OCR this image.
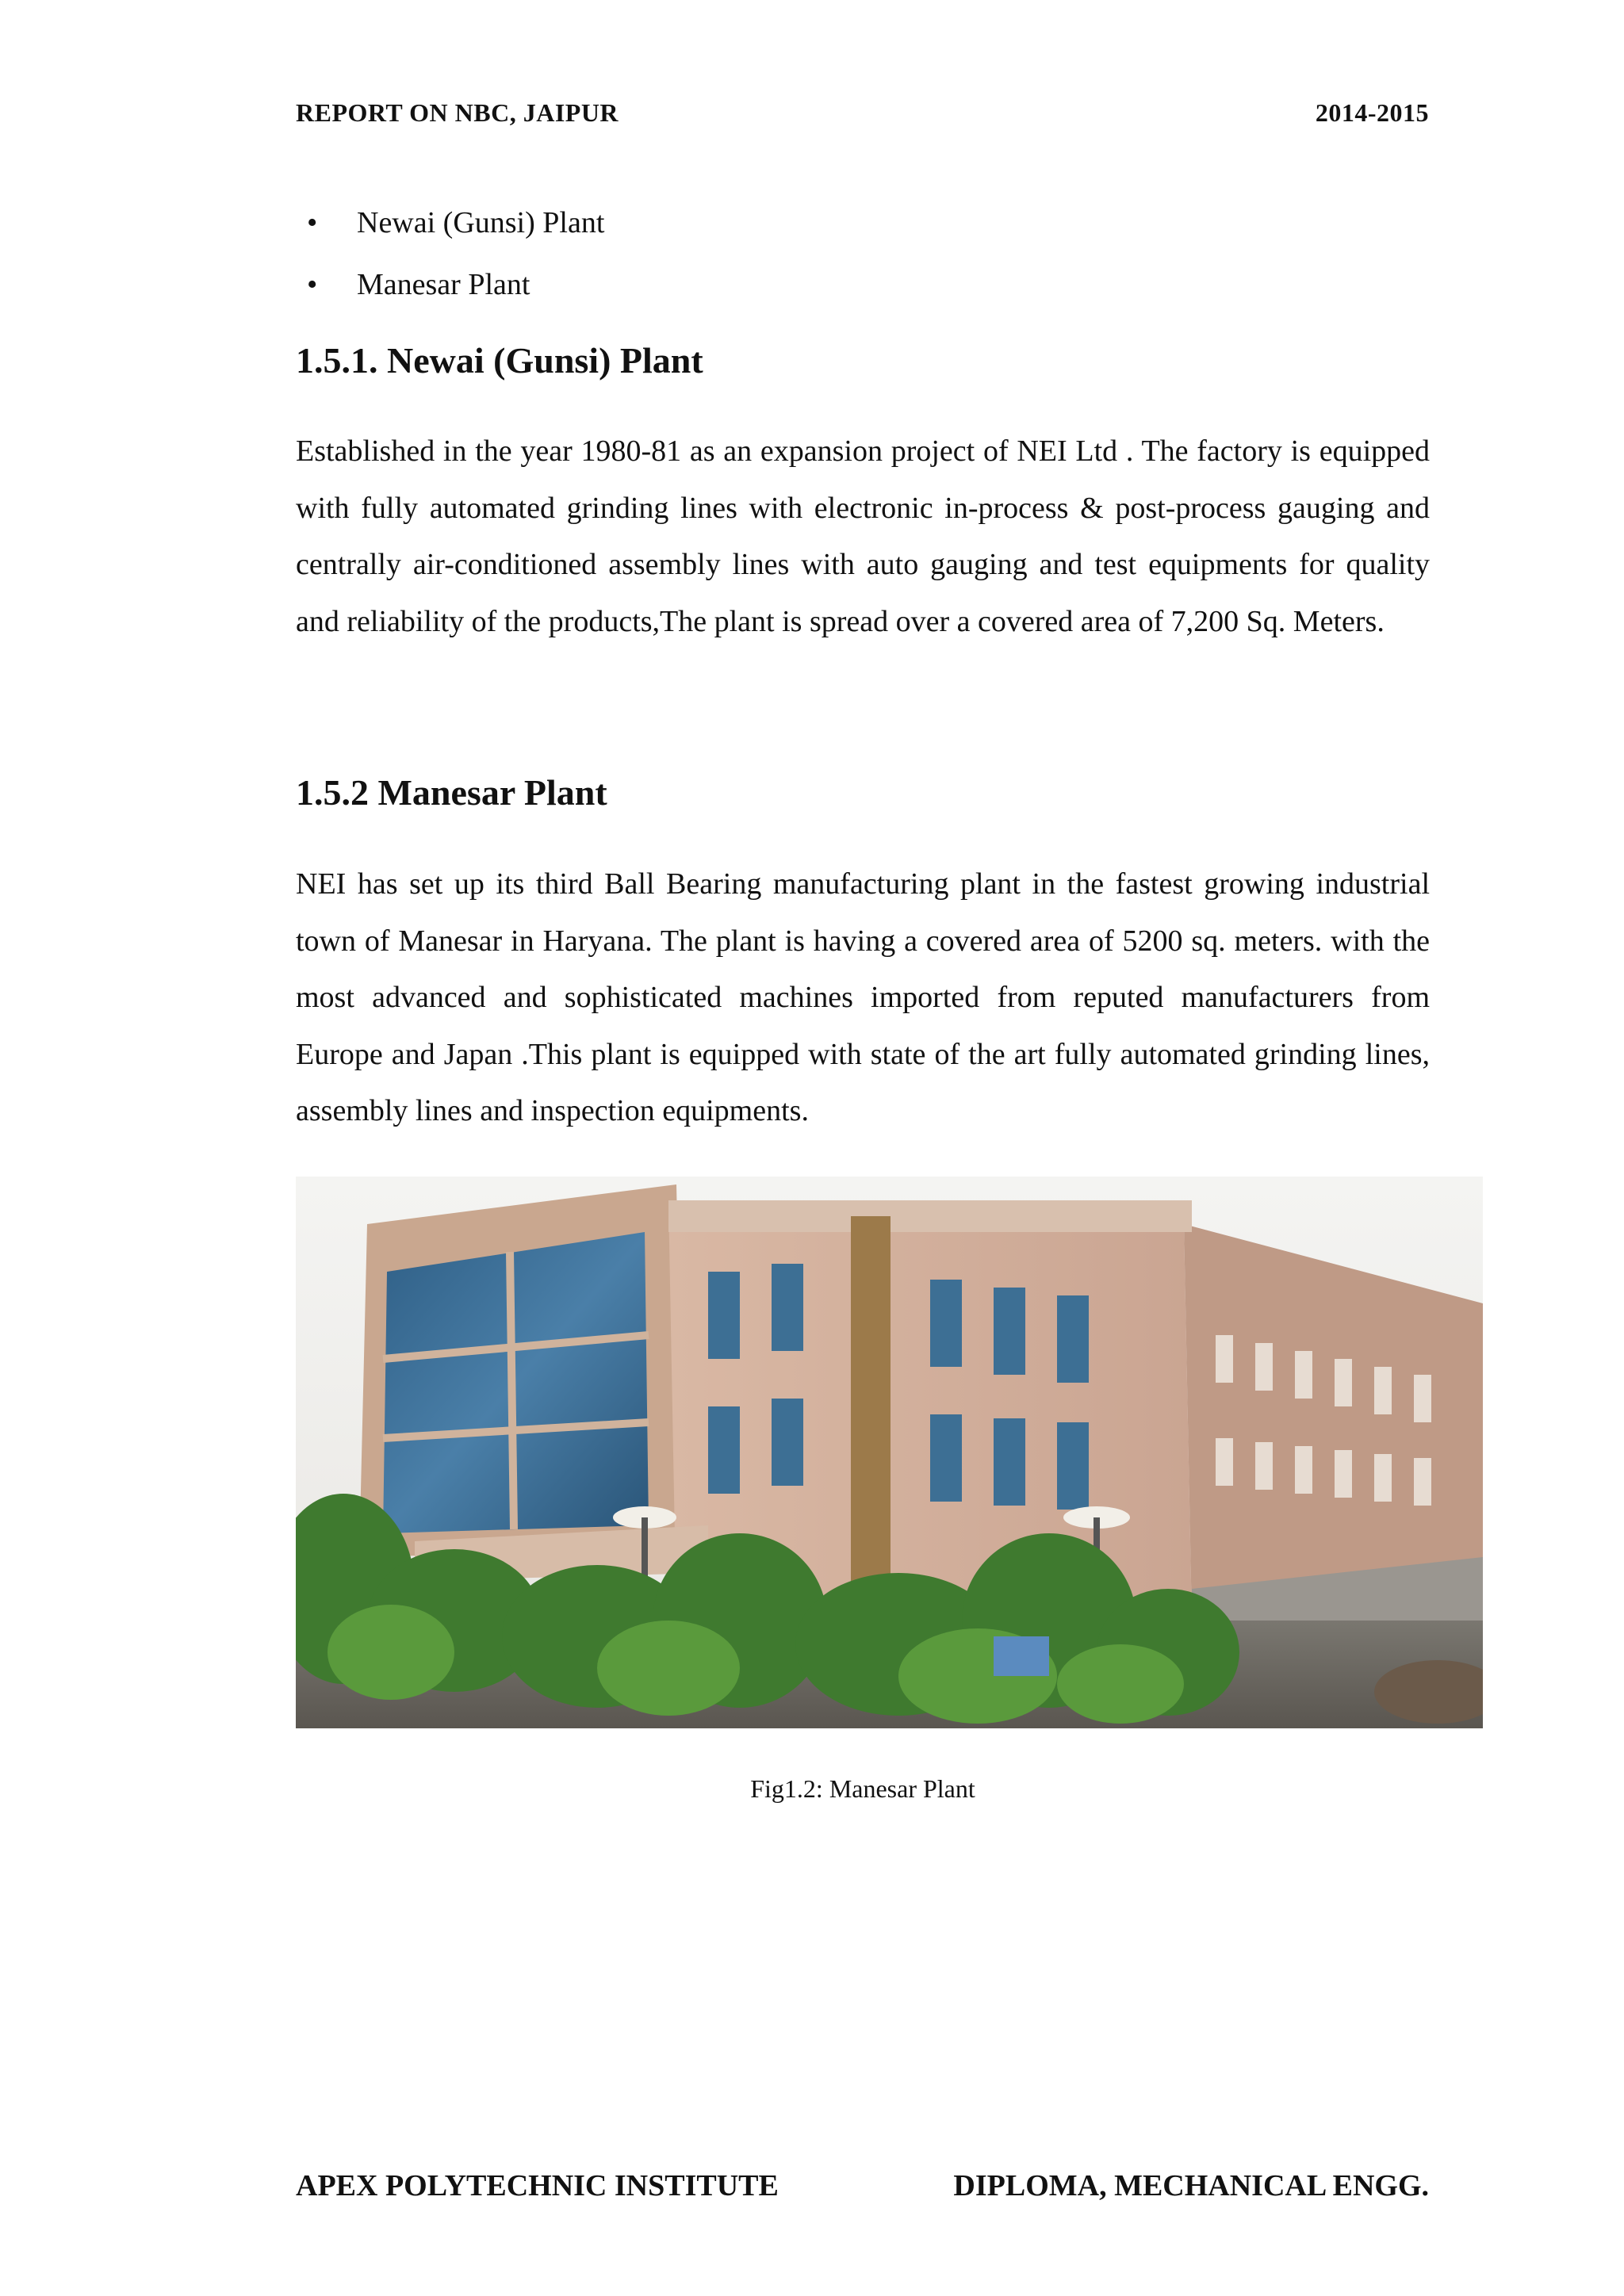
REPORT ON NBC, JAIPUR	2014-2015
• Newai (Gunsi) Plant
• Manesar Plant
1.5.1. Newai (Gunsi) Plant

Established in the year 1980-81 as an expansion project of NEI Ltd . The factory is equipped with fully automated grinding lines with electronic in-process & post-process gauging and centrally air-conditioned assembly lines with auto gauging and test equipments for quality and reliability of the products,The plant is spread over a covered area of 7,200 Sq. Meters.

1.5.2 Manesar Plant

NEI has set up its third Ball Bearing manufacturing plant in the fastest growing industrial town of Manesar in Haryana. The plant is having a covered area of 5200 sq. meters. with the most advanced and sophisticated machines imported from reputed manufacturers from Europe and Japan .This plant is equipped with state of the art fully automated grinding lines, assembly lines and inspection equipments.

Fig1.2: Manesar Plant
APEX POLYTECHNIC INSTITUTE	DIPLOMA, MECHANICAL ENGG.
